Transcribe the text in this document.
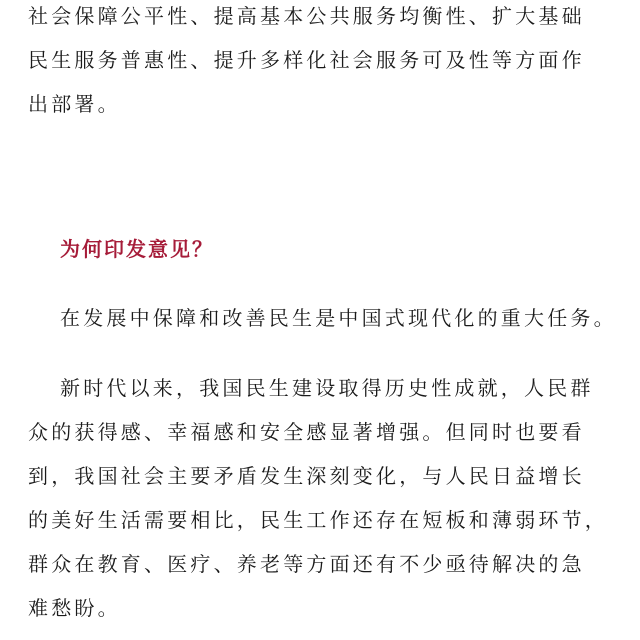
社会保障公平性、提高基本公共服务均衡性、扩大基础
民生服务普惠性、提升多样化社会服务可及性等方面作
出部署。

为何印发意见？

在发展中保障和改善民生是中国式现代化的重大任务。

新时代以来，我国民生建设取得历史性成就，人民群
众的获得感、幸福感和安全感显著增强。但同时也要看
到，我国社会主要矛盾发生深刻变化，与人民日益增长
的美好生活需要相比，民生工作还存在短板和薄弱环节，
群众在教育、医疗、养老等方面还有不少亟待解决的急
难愁盼。
